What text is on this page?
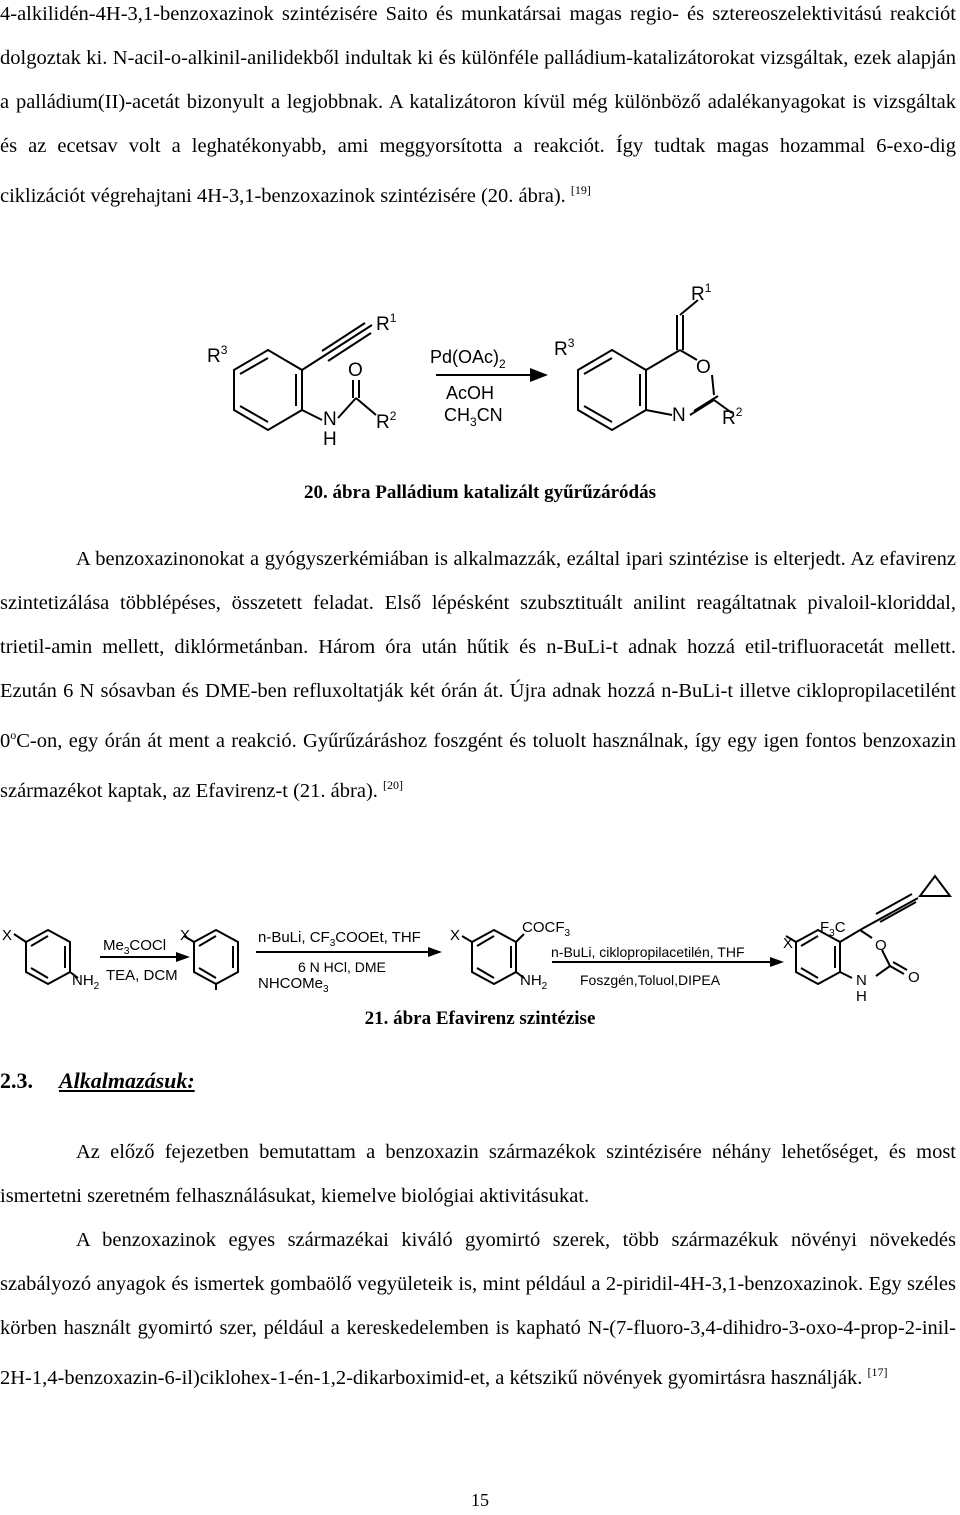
4-alkilidén-4H-3,1-benzoxazinok szintézisére Saito és munkatársai magas regio- és sztereoszelektivitású reakciót dolgoztak ki. N-acil-o-alkinil-anilidekből indultak ki és különféle palládium-katalizátorokat vizsgáltak, ezek alapján a palládium(II)-acetát bizonyult a legjobbnak. A katalizátoron kívül még különböző adalékanyagokat is vizsgáltak és az ecetsav volt a leghatékonyabb, ami meggyorsította a reakciót. Így tudtak magas hozammal 6-exo-dig ciklizációt végrehajtani 4H-3,1-benzoxazinok szintézisére (20. ábra). [19]

$R^1$
$R^3$
O
N
H
$R^2$
$Pd(OAc)_2$
AcOH
$CH_3CN$
$R^3$
$R^1$
O
N $R^2$

20. ábra Palládium katalizált gyűrűzáródás

A benzoxazinonokat a gyógyszerkémiában is alkalmazzák, ezáltal ipari szintézise is elterjedt. Az efavirenz szintetizálása többlépéses, összetett feladat. Első lépésként szubsztituált anilint reagáltatnak pivaloil-kloriddal, trietil-amin mellett, diklórmetánban. Három óra után hűtik és n-BuLi-t adnak hozzá etil-trifluoracetát mellett. Ezután 6 N sósavban és DME-ben refluxoltatják két órán át. Újra adnak hozzá n-BuLi-t illetve ciklopropilacetilént 0$^o$C-on, egy órán át ment a reakció. Gyűrűzáráshoz foszgént és toluolt használnak, így egy igen fontos benzoxazin származékot kaptak, az Efavirenz-t (21. ábra). [20]

X
$NH_2$
$Me_3COCl$
TEA, DCM
X	n-BuLi, $CF_3COOEt$, THF
6 N HCl, DME
NHCOMe$_3$
X	$COCF_3$
$NH_2$
n-BuLi, ciklopropilacetilén, THF
Foszgén,Toluol,DIPEA
X
$F_3C$
O
O
N
H

21. ábra Efavirenz szintézise

2.3. Alkalmazásuk:

Az előző fejezetben bemutattam a benzoxazin származékok szintézisére néhány lehetőséget, és most ismertetni szeretném felhasználásukat, kiemelve biológiai aktivitásukat.

A benzoxazinok egyes származékai kiváló gyomirtó szerek, több származékuk növényi növekedés szabályozó anyagok és ismertek gombaölő vegyületeik is, mint például a 2-piridil-4H-3,1-benzoxazinok. Egy széles körben használt gyomirtó szer, például a kereskedelemben is kapható N-(7-fluoro-3,4-dihidro-3-oxo-4-prop-2-inil-2H-1,4-benzoxazin-6-il)ciklohex-1-én-1,2-dikarboximid-et, a kétszikű növények gyomirtásra használják. [17]

15
